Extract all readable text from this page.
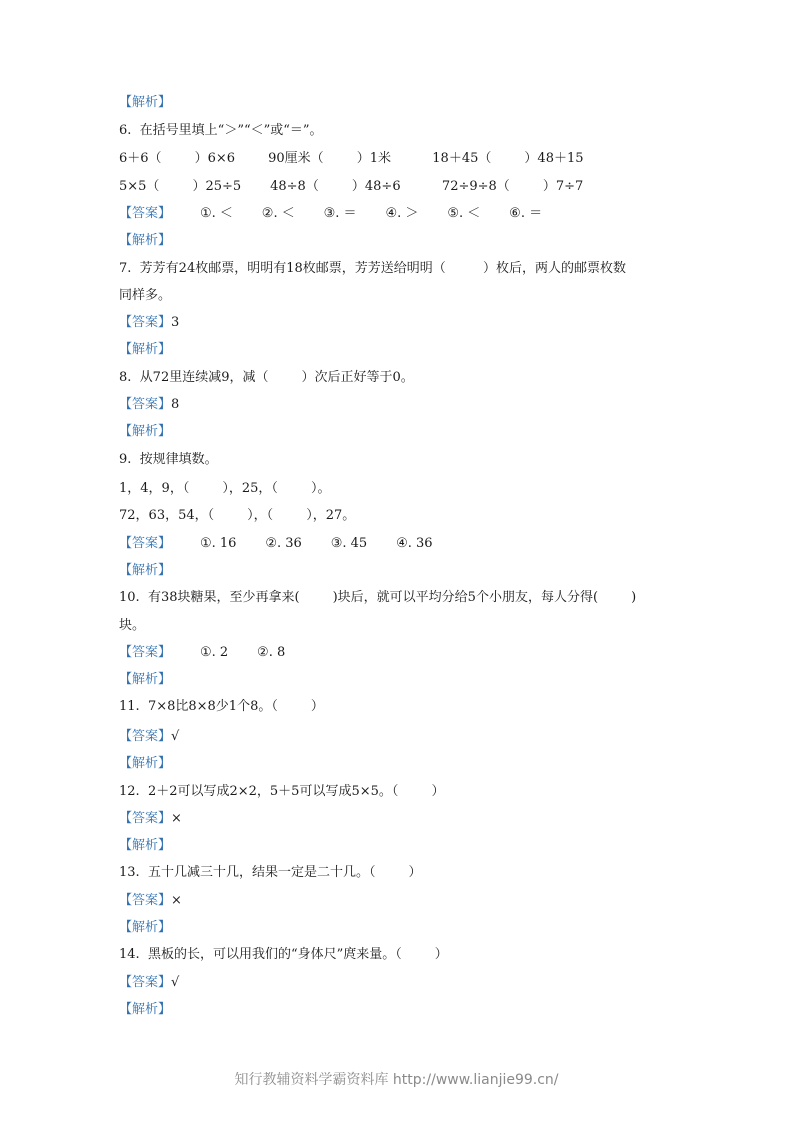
【解析】
6.  在括号里填上“＞”“＜”或“＝”。
6＋6（        ）6×6        90厘米（        ）1米          18＋45（        ）48＋15
5×5（        ）25÷5       48÷8（        ）48÷6          72÷9÷8（        ）7÷7
【答案】       ①. ＜       ②. ＜       ③. ＝       ④. ＞       ⑤. ＜       ⑥. ＝
【解析】
7.  芳芳有24枚邮票，明明有18枚邮票，芳芳送给明明（         ）枚后，两人的邮票枚数
同样多。
【答案】3
【解析】
8.  从72里连续减9，减（        ）次后正好等于0。
【答案】8
【解析】
9.  按规律填数。
1，4，9，（        ），25，（        ）。
72，63，54，（        ），（        ），27。
【答案】       ①. 16       ②. 36       ③. 45       ④. 36
【解析】
10.  有38块糖果，至少再拿来(        )块后，就可以平均分给5个小朋友，每人分得(        )
块。
【答案】       ①. 2       ②. 8
【解析】
11.  7×8比8×8少1个8。（        ）
【答案】√
【解析】
12.  2＋2可以写成2×2，5＋5可以写成5×5。（        ）
【答案】×
【解析】
13.  五十几减三十几，结果一定是二十几。（        ）
【答案】×
【解析】
14.  黑板的长，可以用我们的“身体尺”庹来量。（        ）
【答案】√
【解析】
知行教辅资料学霸资料库 http://www.lianjie99.cn/
